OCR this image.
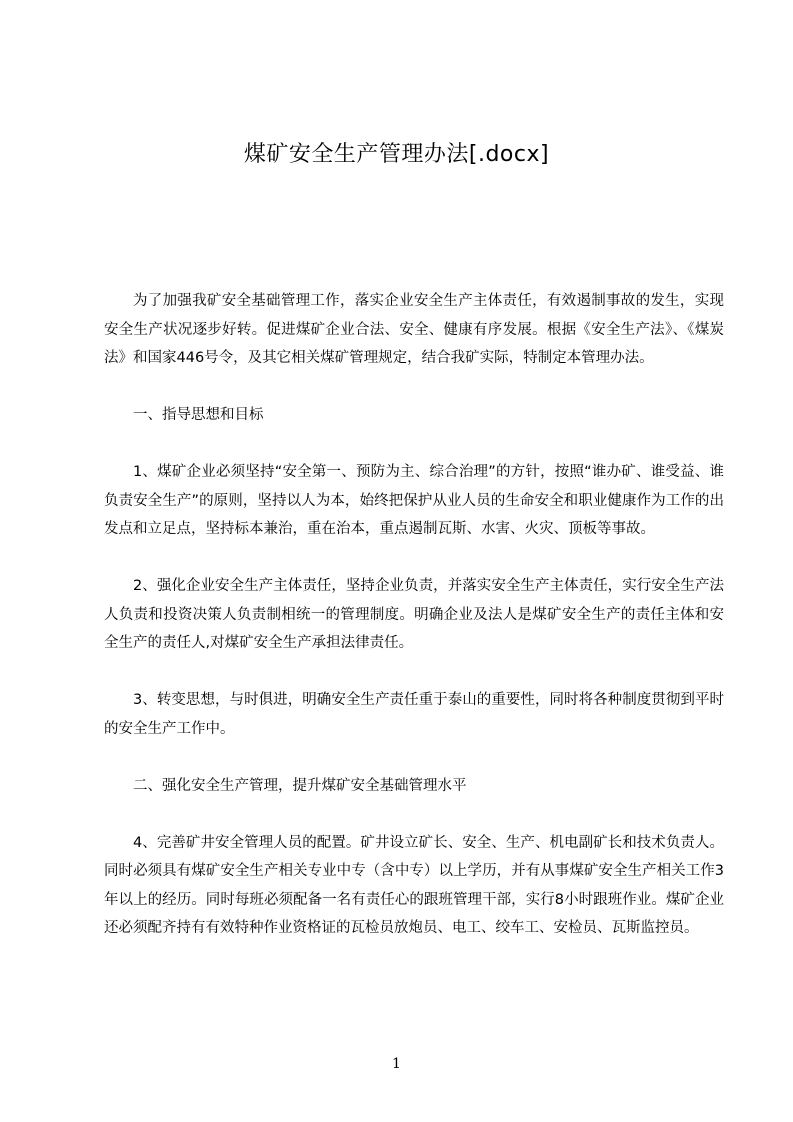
煤矿安全生产管理办法[.docx]

为了加强我矿安全基础管理工作，落实企业安全生产主体责任，有效遏制事故的发生，实现安全生产状况逐步好转。促进煤矿企业合法、安全、健康有序发展。根据《安全生产法》、《煤炭法》和国家446号令，及其它相关煤矿管理规定，结合我矿实际，特制定本管理办法。

一、指导思想和目标

1、煤矿企业必须坚持“安全第一、预防为主、综合治理”的方针，按照“谁办矿、谁受益、谁负责安全生产”的原则，坚持以人为本，始终把保护从业人员的生命安全和职业健康作为工作的出发点和立足点，坚持标本兼治，重在治本，重点遏制瓦斯、水害、火灾、顶板等事故。

2、强化企业安全生产主体责任，坚持企业负责，并落实安全生产主体责任，实行安全生产法人负责和投资决策人负责制相统一的管理制度。明确企业及法人是煤矿安全生产的责任主体和安全生产的责任人,对煤矿安全生产承担法律责任。

3、转变思想，与时俱进，明确安全生产责任重于泰山的重要性，同时将各种制度贯彻到平时的安全生产工作中。

二、强化安全生产管理，提升煤矿安全基础管理水平

4、完善矿井安全管理人员的配置。矿井设立矿长、安全、生产、机电副矿长和技术负责人。同时必须具有煤矿安全生产相关专业中专（含中专）以上学历，并有从事煤矿安全生产相关工作3年以上的经历。同时每班必须配备一名有责任心的跟班管理干部，实行8小时跟班作业。煤矿企业还必须配齐持有有效特种作业资格证的瓦检员放炮员、电工、绞车工、安检员、瓦斯监控员。

1
